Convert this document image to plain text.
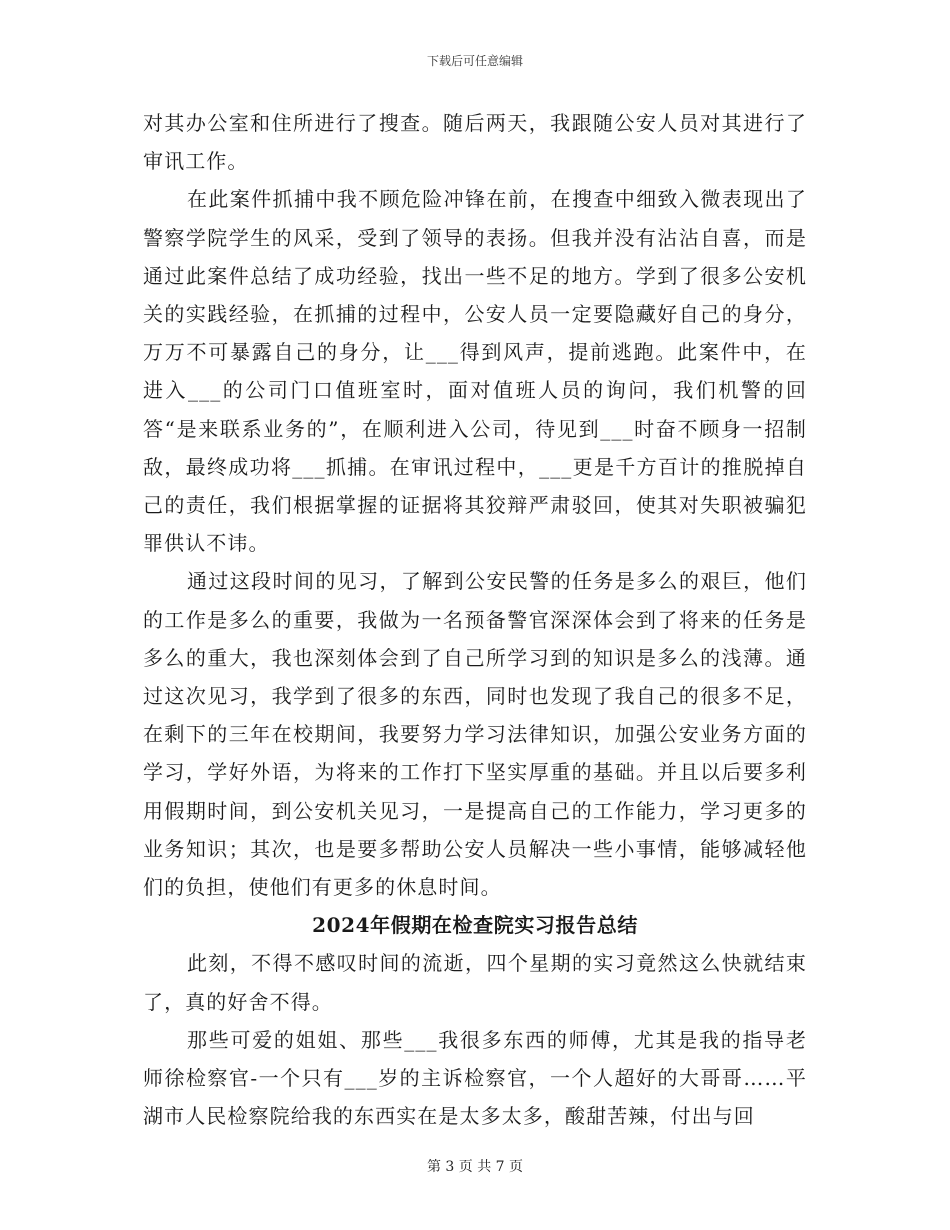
下载后可任意编辑

对其办公室和住所进行了搜查。随后两天，我跟随公安人员对其进行了审讯工作。

在此案件抓捕中我不顾危险冲锋在前，在搜查中细致入微表现出了警察学院学生的风采，受到了领导的表扬。但我并没有沾沾自喜，而是通过此案件总结了成功经验，找出一些不足的地方。学到了很多公安机关的实践经验，在抓捕的过程中，公安人员一定要隐藏好自己的身分，万万不可暴露自己的身分，让___得到风声，提前逃跑。此案件中，在进入___的公司门口值班室时，面对值班人员的询问，我们机警的回答“是来联系业务的”，在顺利进入公司，待见到___时奋不顾身一招制敌，最终成功将___抓捕。在审讯过程中，___更是千方百计的推脱掉自己的责任，我们根据掌握的证据将其狡辩严肃驳回，使其对失职被骗犯罪供认不讳。

通过这段时间的见习，了解到公安民警的任务是多么的艰巨，他们的工作是多么的重要，我做为一名预备警官深深体会到了将来的任务是多么的重大，我也深刻体会到了自己所学习到的知识是多么的浅薄。通过这次见习，我学到了很多的东西，同时也发现了我自己的很多不足，在剩下的三年在校期间，我要努力学习法律知识，加强公安业务方面的学习，学好外语，为将来的工作打下坚实厚重的基础。并且以后要多利用假期时间，到公安机关见习，一是提高自己的工作能力，学习更多的业务知识；其次，也是要多帮助公安人员解决一些小事情，能够减轻他们的负担，使他们有更多的休息时间。

2024年假期在检查院实习报告总结

此刻，不得不感叹时间的流逝，四个星期的实习竟然这么快就结束了，真的好舍不得。

那些可爱的姐姐、那些___我很多东西的师傅，尤其是我的指导老师徐检察官-一个只有___岁的主诉检察官，一个人超好的大哥哥……平湖市人民检察院给我的东西实在是太多太多，酸甜苦辣，付出与回

第 3 页 共 7 页
